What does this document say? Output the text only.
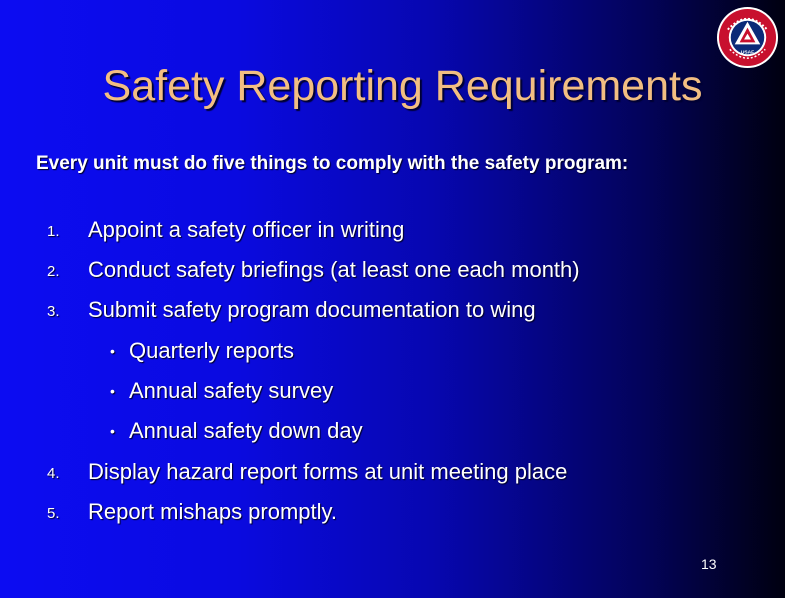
USAF
Safety Reporting Requirements
Every unit must do five things to comply with the safety program:
1. Appoint a safety officer in writing
2. Conduct safety briefings (at least one each month)
3. Submit safety program documentation to wing
• Quarterly reports
• Annual safety survey
• Annual safety down day
4. Display hazard report forms at unit meeting place
5. Report mishaps promptly.
13
